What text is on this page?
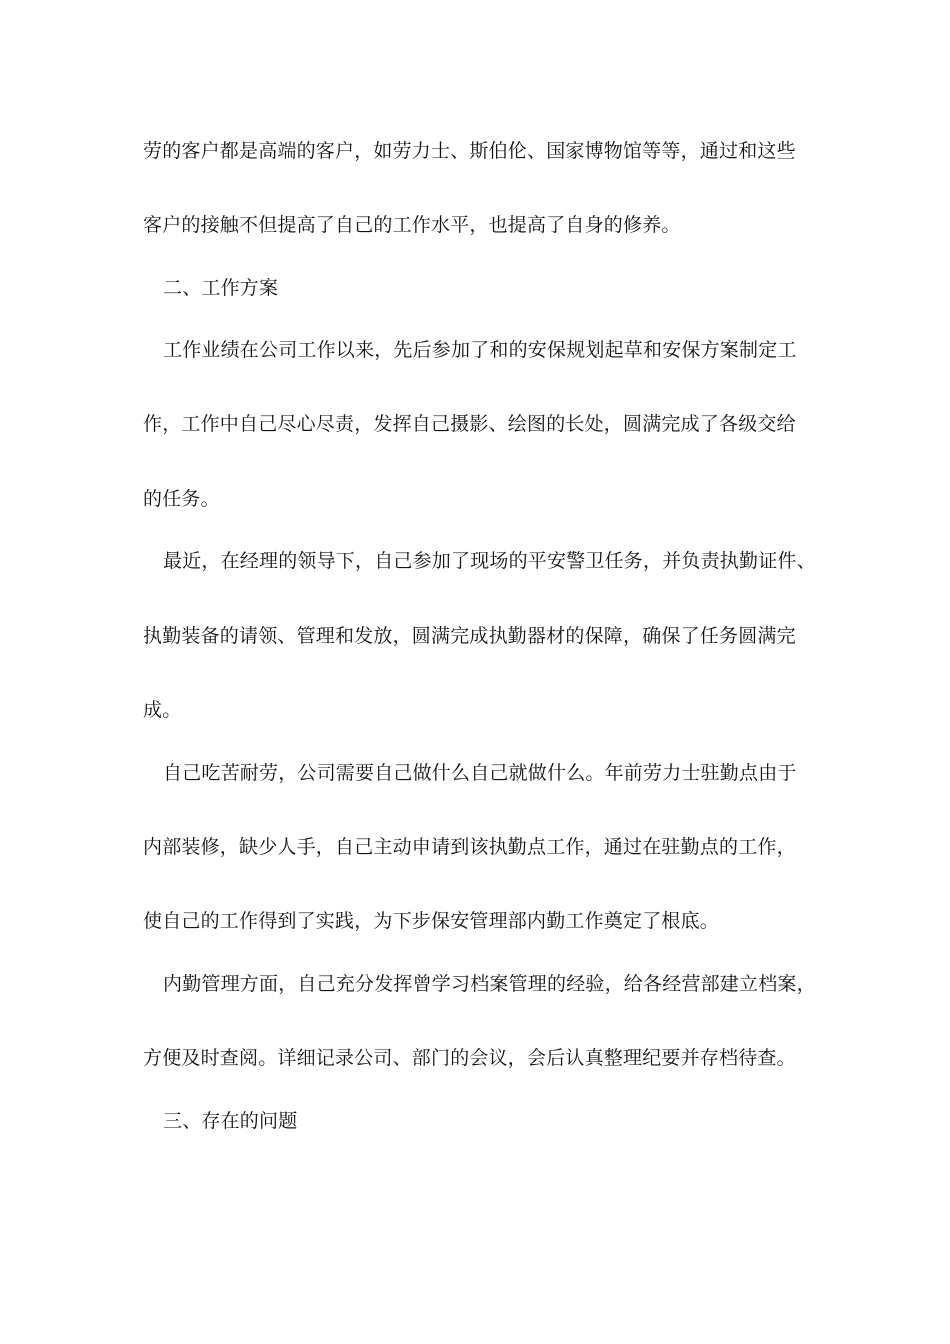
劳的客户都是高端的客户，如劳力士、斯伯伦、国家博物馆等等，通过和这些
客户的接触不但提高了自己的工作水平，也提高了自身的修养。
二、工作方案
工作业绩在公司工作以来，先后参加了和的安保规划起草和安保方案制定工
作，工作中自己尽心尽责，发挥自己摄影、绘图的长处，圆满完成了各级交给
的任务。
最近，在经理的领导下，自己参加了现场的平安警卫任务，并负责执勤证件、
执勤装备的请领、管理和发放，圆满完成执勤器材的保障，确保了任务圆满完
成。
自己吃苦耐劳，公司需要自己做什么自己就做什么。年前劳力士驻勤点由于
内部装修，缺少人手，自己主动申请到该执勤点工作，通过在驻勤点的工作，
使自己的工作得到了实践，为下步保安管理部内勤工作奠定了根底。
内勤管理方面，自己充分发挥曾学习档案管理的经验，给各经营部建立档案，
方便及时查阅。详细记录公司、部门的会议，会后认真整理纪要并存档待查。
三、存在的问题
